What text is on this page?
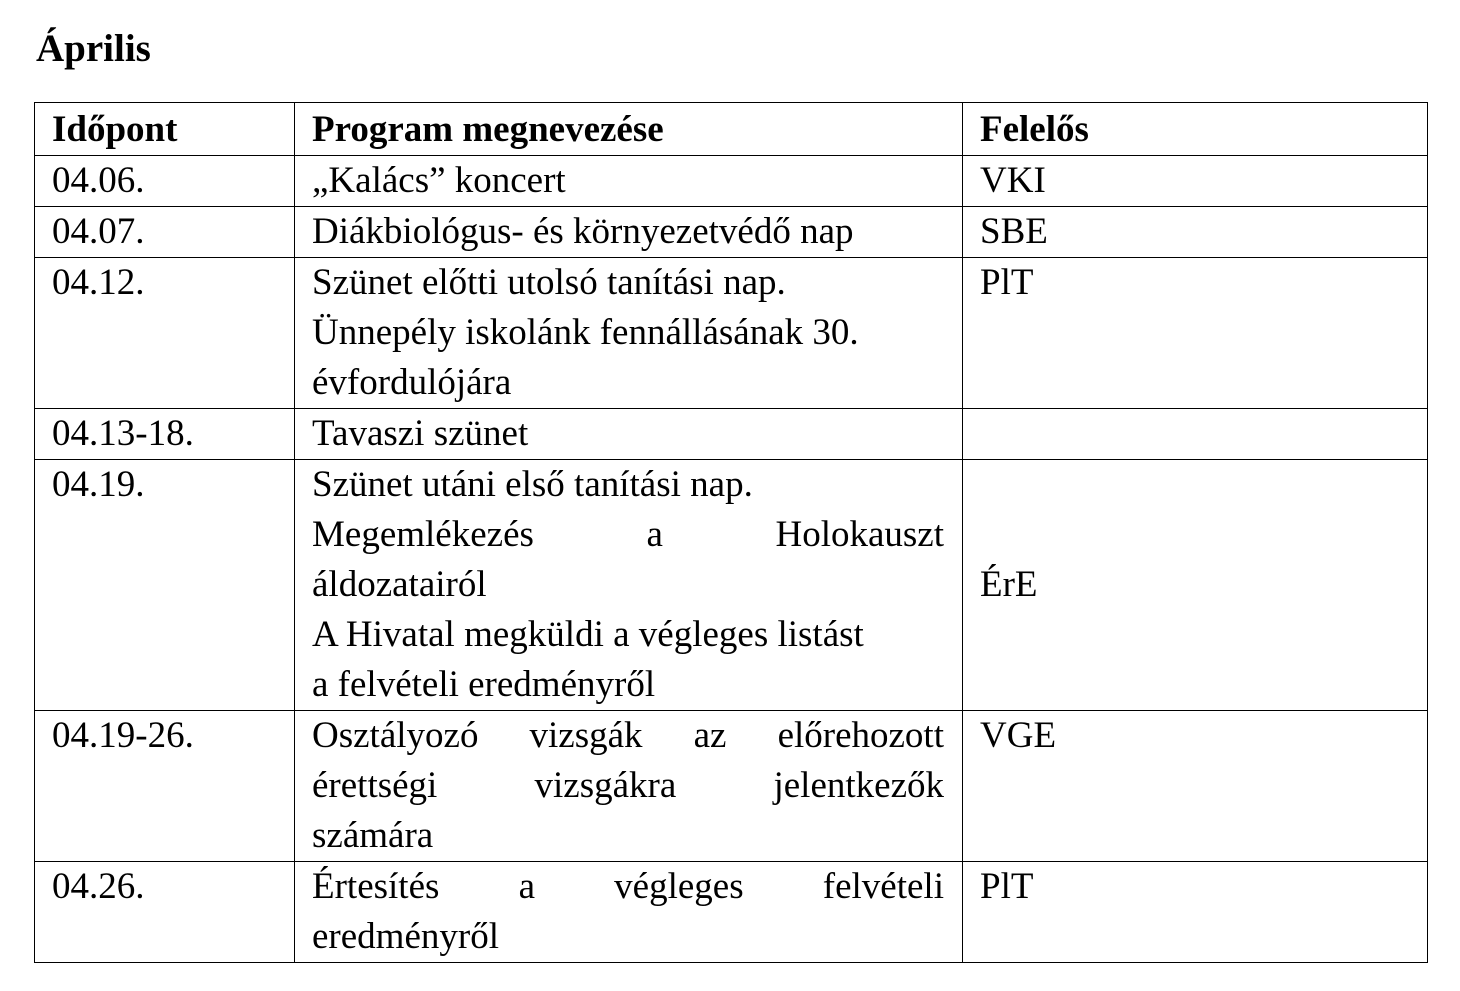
Április
Időpont	Program megnevezése	Felelős
04.06.	„Kalács” koncert	VKI
04.07.	Diákbiológus- és környezetvédő nap	SBE
04.12.	Szünet előtti utolsó tanítási nap.
Ünnepély iskolánk fennállásának 30.
évfordulójára	PlT
04.13-18.	Tavaszi szünet	

04.19.	Szünet utáni első tanítási nap.
Megemlékezés a Holokauszt
áldozatairól
A Hivatal megküldi a végleges listást
a felvételi eredményről	ÉrE
04.19-26.	Osztályozó vizsgák az előrehozott
érettségi vizsgákra jelentkezők
számára	VGE
04.26.	Értesítés a végleges felvételi
eredményről	PlT
